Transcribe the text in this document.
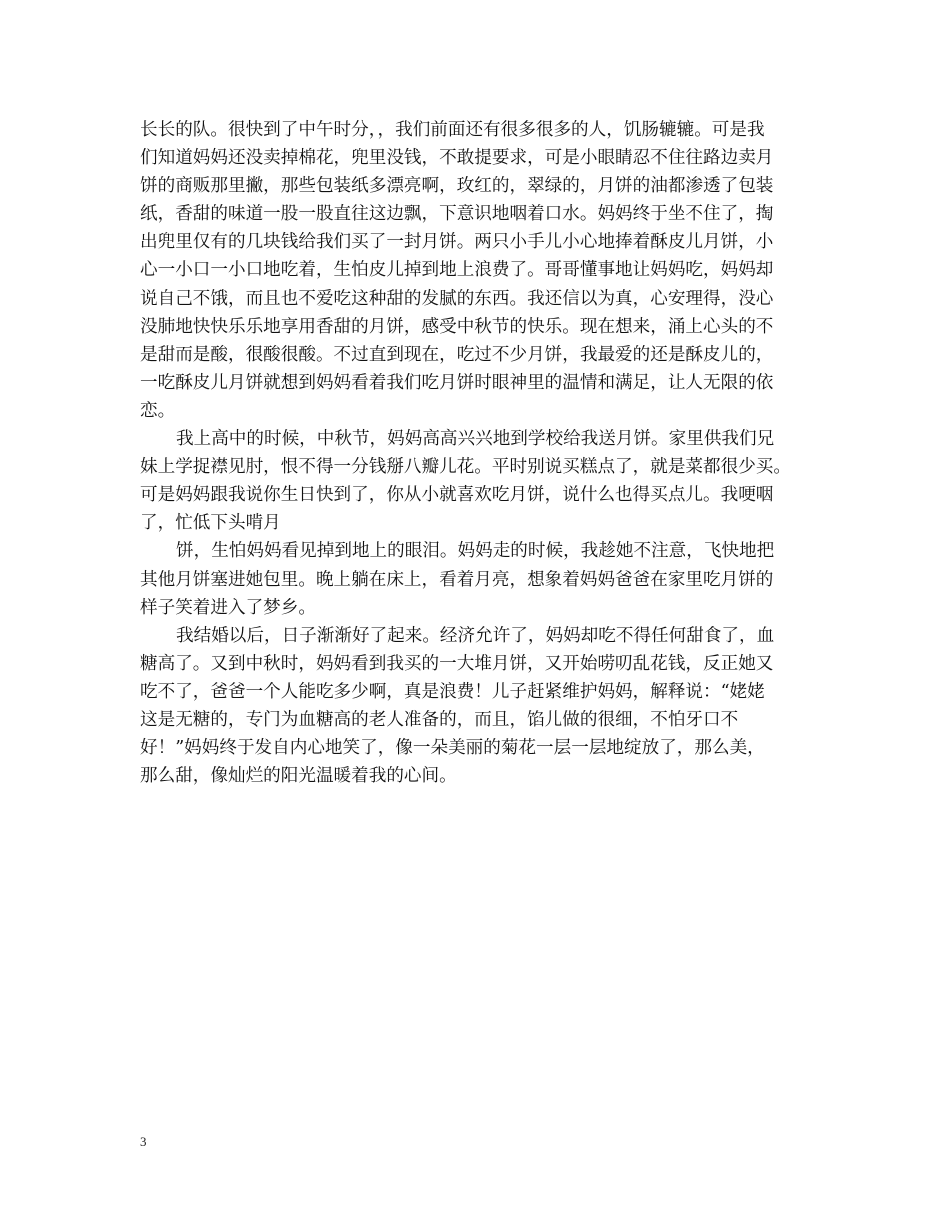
长长的队。很快到了中午时分，，我们前面还有很多很多的人，饥肠辘辘。可是我
们知道妈妈还没卖掉棉花，兜里没钱，不敢提要求，可是小眼睛忍不住往路边卖月
饼的商贩那里撇，那些包装纸多漂亮啊，玫红的，翠绿的，月饼的油都渗透了包装
纸，香甜的味道一股一股直往这边飘，下意识地咽着口水。妈妈终于坐不住了，掏
出兜里仅有的几块钱给我们买了一封月饼。两只小手儿小心地捧着酥皮儿月饼，小
心一小口一小口地吃着，生怕皮儿掉到地上浪费了。哥哥懂事地让妈妈吃，妈妈却
说自己不饿，而且也不爱吃这种甜的发腻的东西。我还信以为真，心安理得，没心
没肺地快快乐乐地享用香甜的月饼，感受中秋节的快乐。现在想来，涌上心头的不
是甜而是酸，很酸很酸。不过直到现在，吃过不少月饼，我最爱的还是酥皮儿的，
一吃酥皮儿月饼就想到妈妈看着我们吃月饼时眼神里的温情和满足，让人无限的依
恋。
我上高中的时候，中秋节，妈妈高高兴兴地到学校给我送月饼。家里供我们兄
妹上学捉襟见肘，恨不得一分钱掰八瓣儿花。平时别说买糕点了，就是菜都很少买。
可是妈妈跟我说你生日快到了，你从小就喜欢吃月饼，说什么也得买点儿。我哽咽
了，忙低下头啃月
饼，生怕妈妈看见掉到地上的眼泪。妈妈走的时候，我趁她不注意，飞快地把
其他月饼塞进她包里。晚上躺在床上，看着月亮，想象着妈妈爸爸在家里吃月饼的
样子笑着进入了梦乡。
我结婚以后，日子渐渐好了起来。经济允许了，妈妈却吃不得任何甜食了，血
糖高了。又到中秋时，妈妈看到我买的一大堆月饼，又开始唠叨乱花钱，反正她又
吃不了，爸爸一个人能吃多少啊，真是浪费！儿子赶紧维护妈妈，解释说：“姥姥
这是无糖的，专门为血糖高的老人准备的，而且，馅儿做的很细，不怕牙口不
好！”妈妈终于发自内心地笑了，像一朵美丽的菊花一层一层地绽放了，那么美，
那么甜，像灿烂的阳光温暖着我的心间。
3
